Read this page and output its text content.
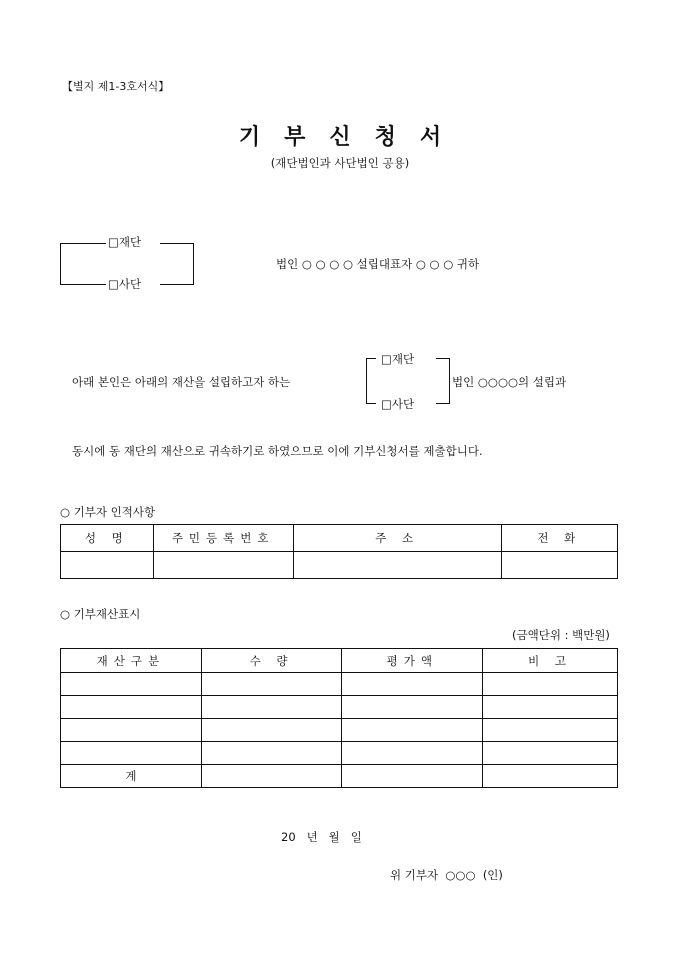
【별지 제1-3호서식】
기부신청서
(재단법인과 사단법인 공용)
□재단
□사단
법인 ○ ○ ○ ○ 설립대표자 ○ ○ ○ 귀하
아래 본인은 아래의 재산을 설립하고자 하는
□재단
□사단
법인 ○○○○의 설립과
동시에 동 재단의 재산으로 귀속하기로 하였으므로 이에 기부신청서를 제출합니다.
○ 기부자 인적사항
성 명	주민등록번호	주 소	전 화

○ 기부재산표시
(금액단위 : 백만원)
재산구분	수 량	평가액	비 고

계			
20   년   월   일
위 기부자  ○○○  (인)
